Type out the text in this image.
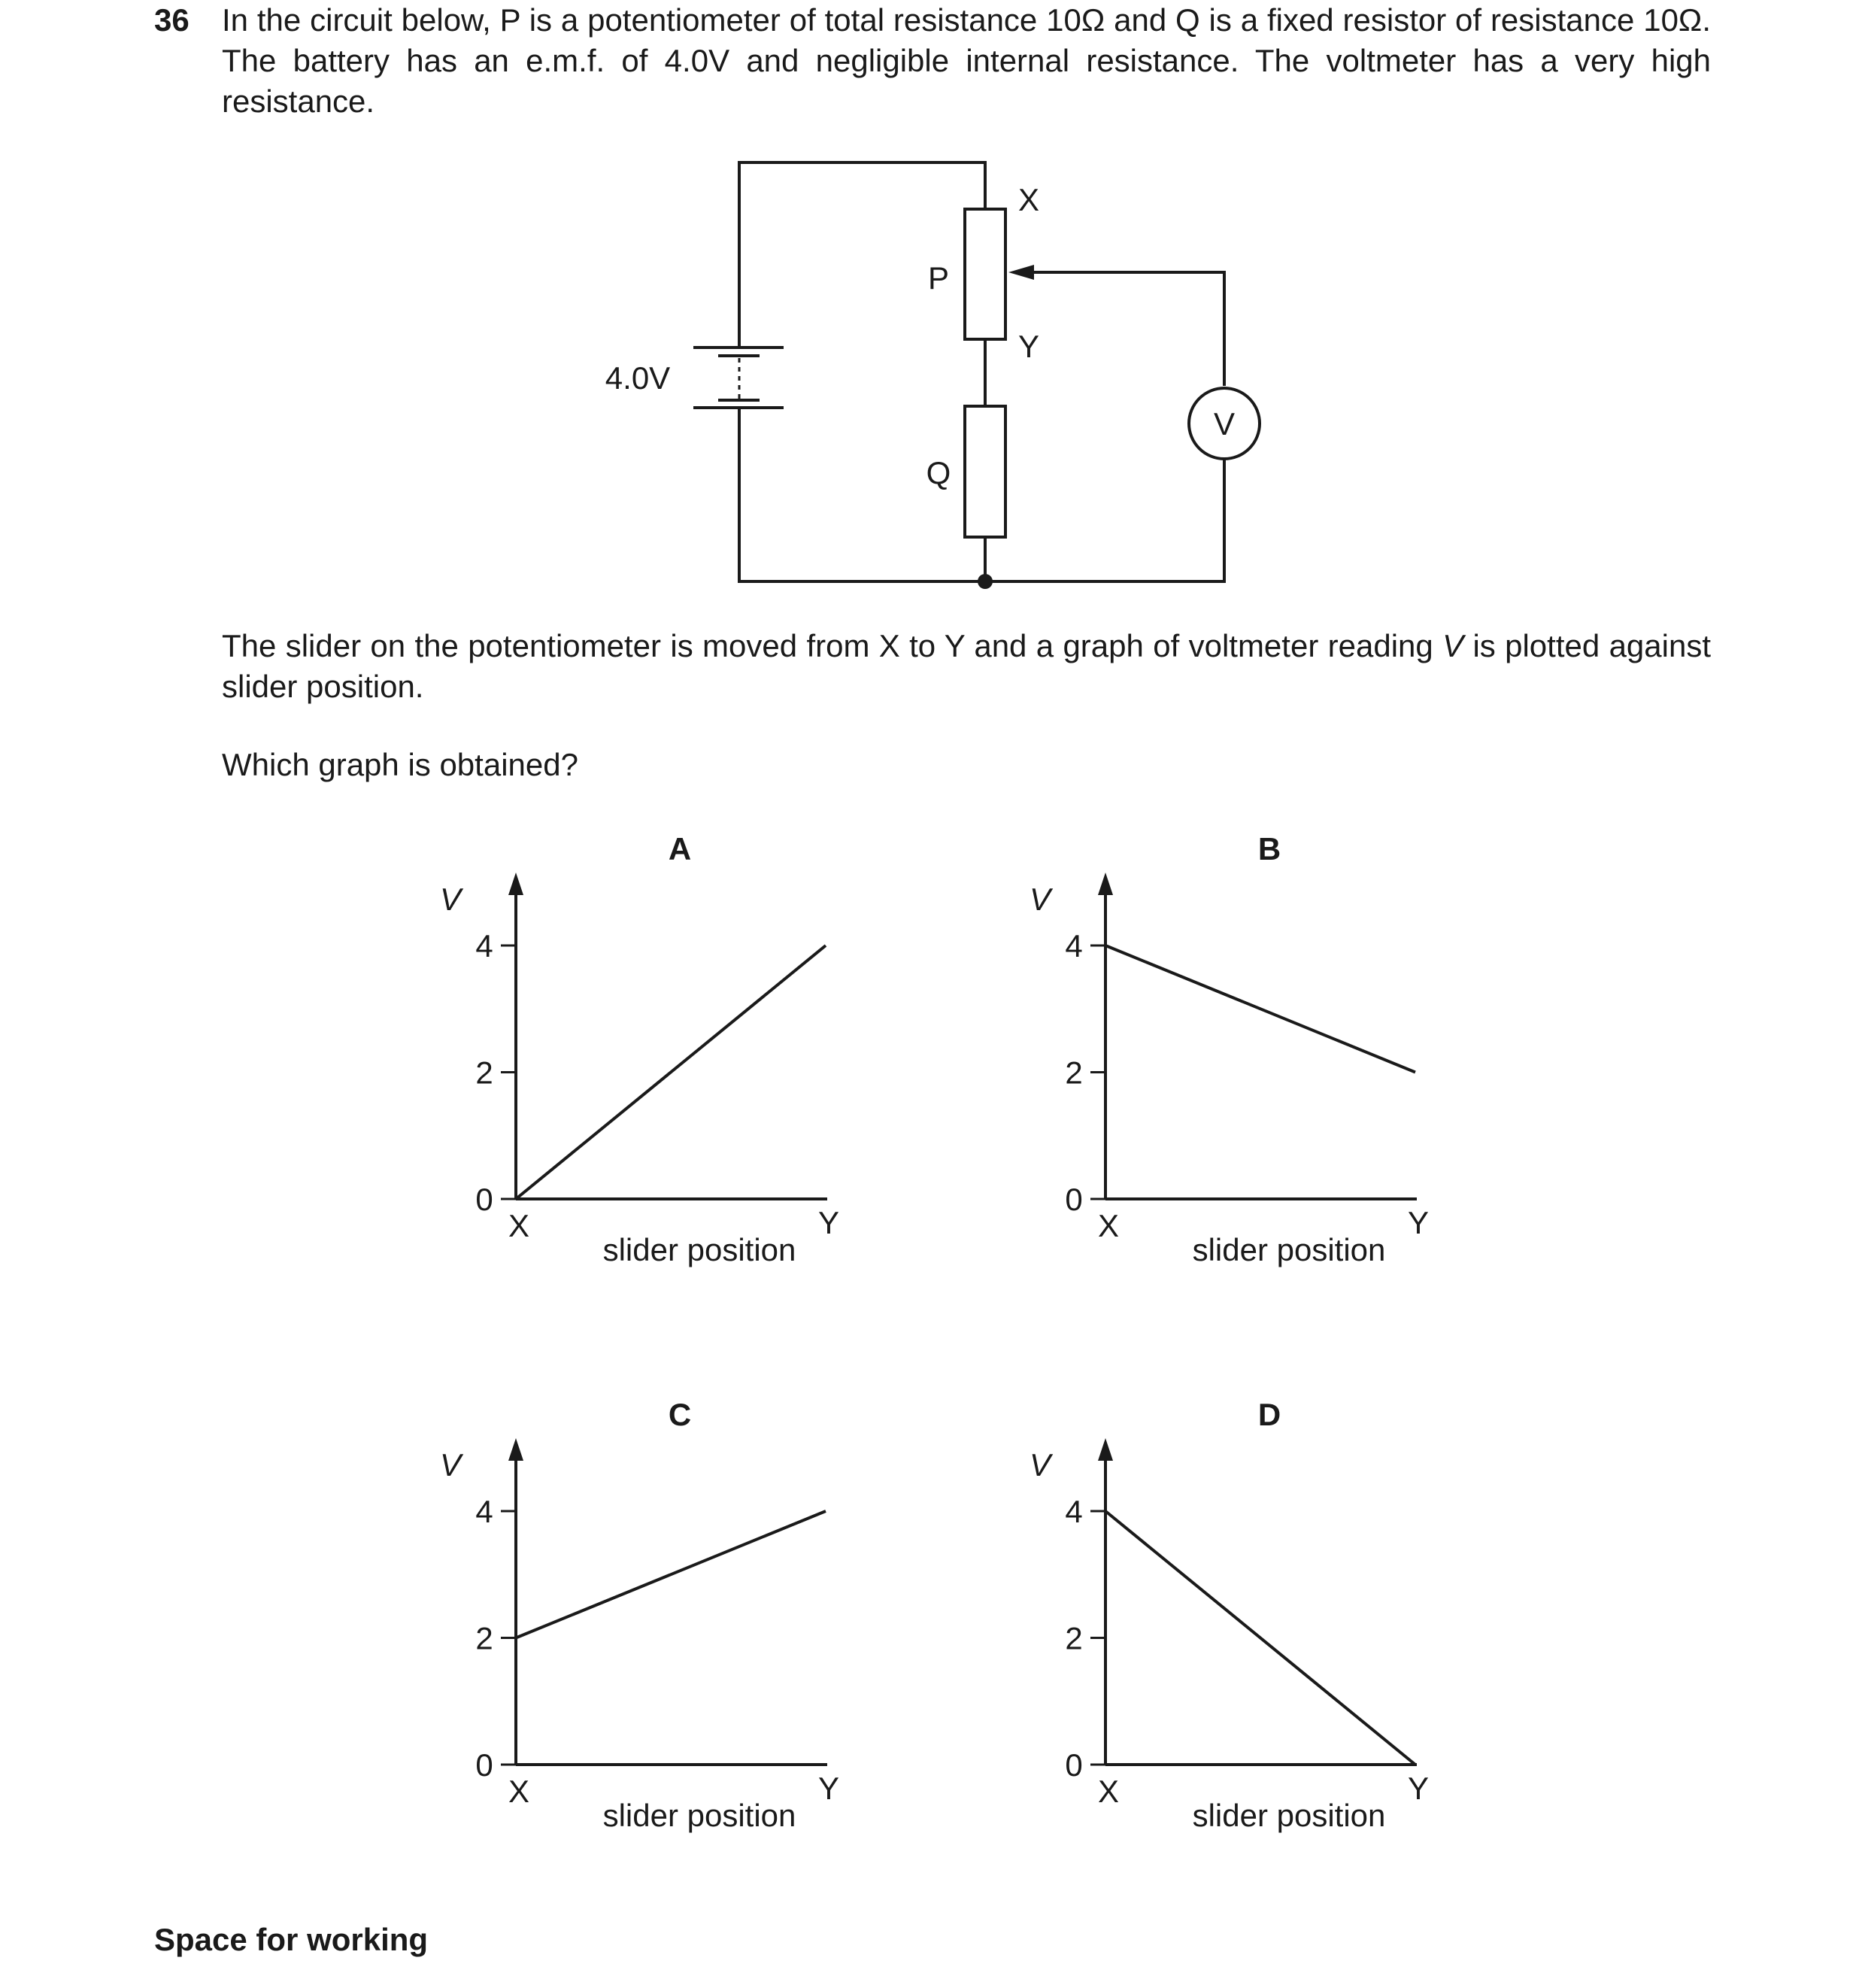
36 In the circuit below, P is a potentiometer of total resistance 10Ω and Q is a fixed resistor of resistance 10Ω. The battery has an e.m.f. of 4.0V and negligible internal resistance. The voltmeter has a very high resistance.

4.0V
P
Q
X
Y
V
A
V
0
2
4
X	Y
slider position
B
V
0
2
4
X	Y
slider position
C
V
0
2
4
X	Y
slider position
D
V
0
2
4
X	Y
slider position

The slider on the potentiometer is moved from X to Y and a graph of voltmeter reading V is plotted against slider position.

Which graph is obtained?

Space for working
